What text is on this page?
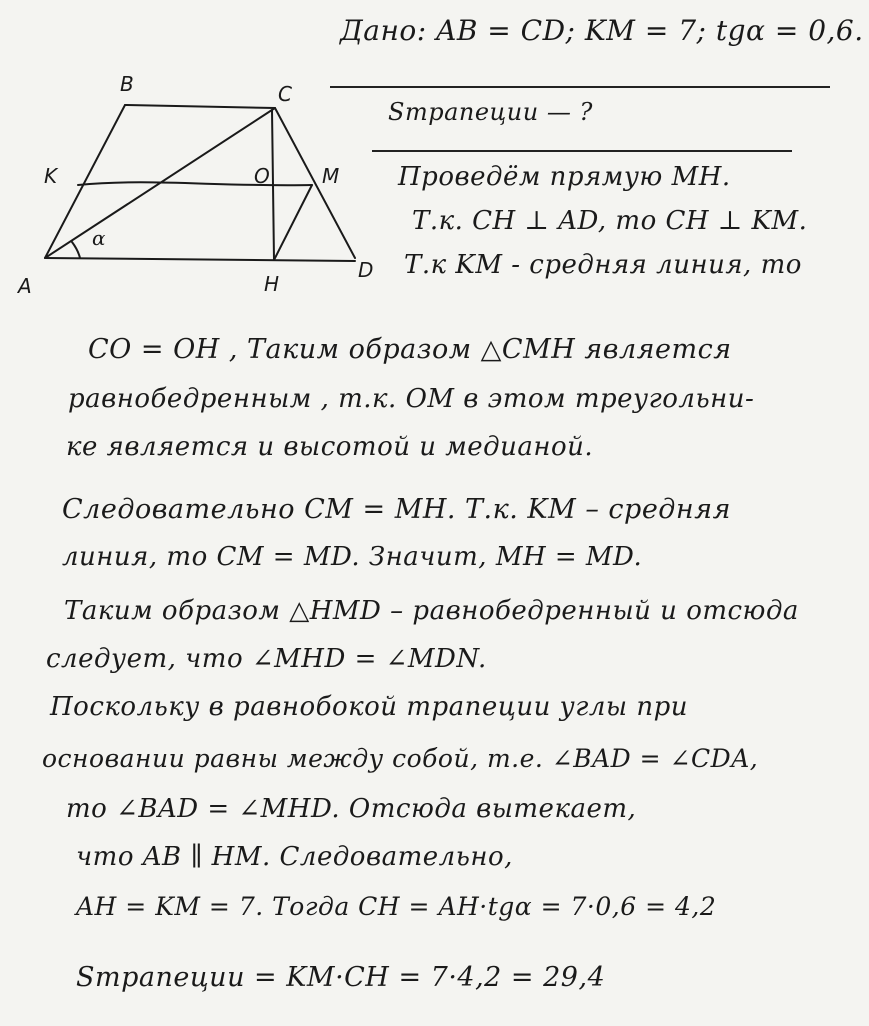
B	C
K	O	M
A	H
D
α
Дано: AB = CD; KM = 7; tgα = 0,6.
Sтрапеции — ?
Проведём прямую MH.
Т.к. CH ⊥ AD, то CH ⊥ KM.
Т.к KM - средняя линия, то
CO = OH , Таким образом △CMH является
равнобедренным , т.к. OM в этом треугольни-
ке является и высотой и медианой.
Следовательно CM = MH. Т.к. KM – средняя
линия, то CM = MD. Значит, MH = MD.
Таким образом △HMD – равнобедренный и отсюда
следует, что ∠MHD = ∠MDN.
Поскольку в равнобокой трапеции углы при
основании равны между собой, т.е. ∠BAD = ∠CDA,
то ∠BAD = ∠MHD. Отсюда вытекает,
что AB ∥ HM. Следовательно,
AH = KM = 7. Тогда CH = AH·tgα = 7·0,6 = 4,2
Sтрапеции = KM·CH = 7·4,2 = 29,4
